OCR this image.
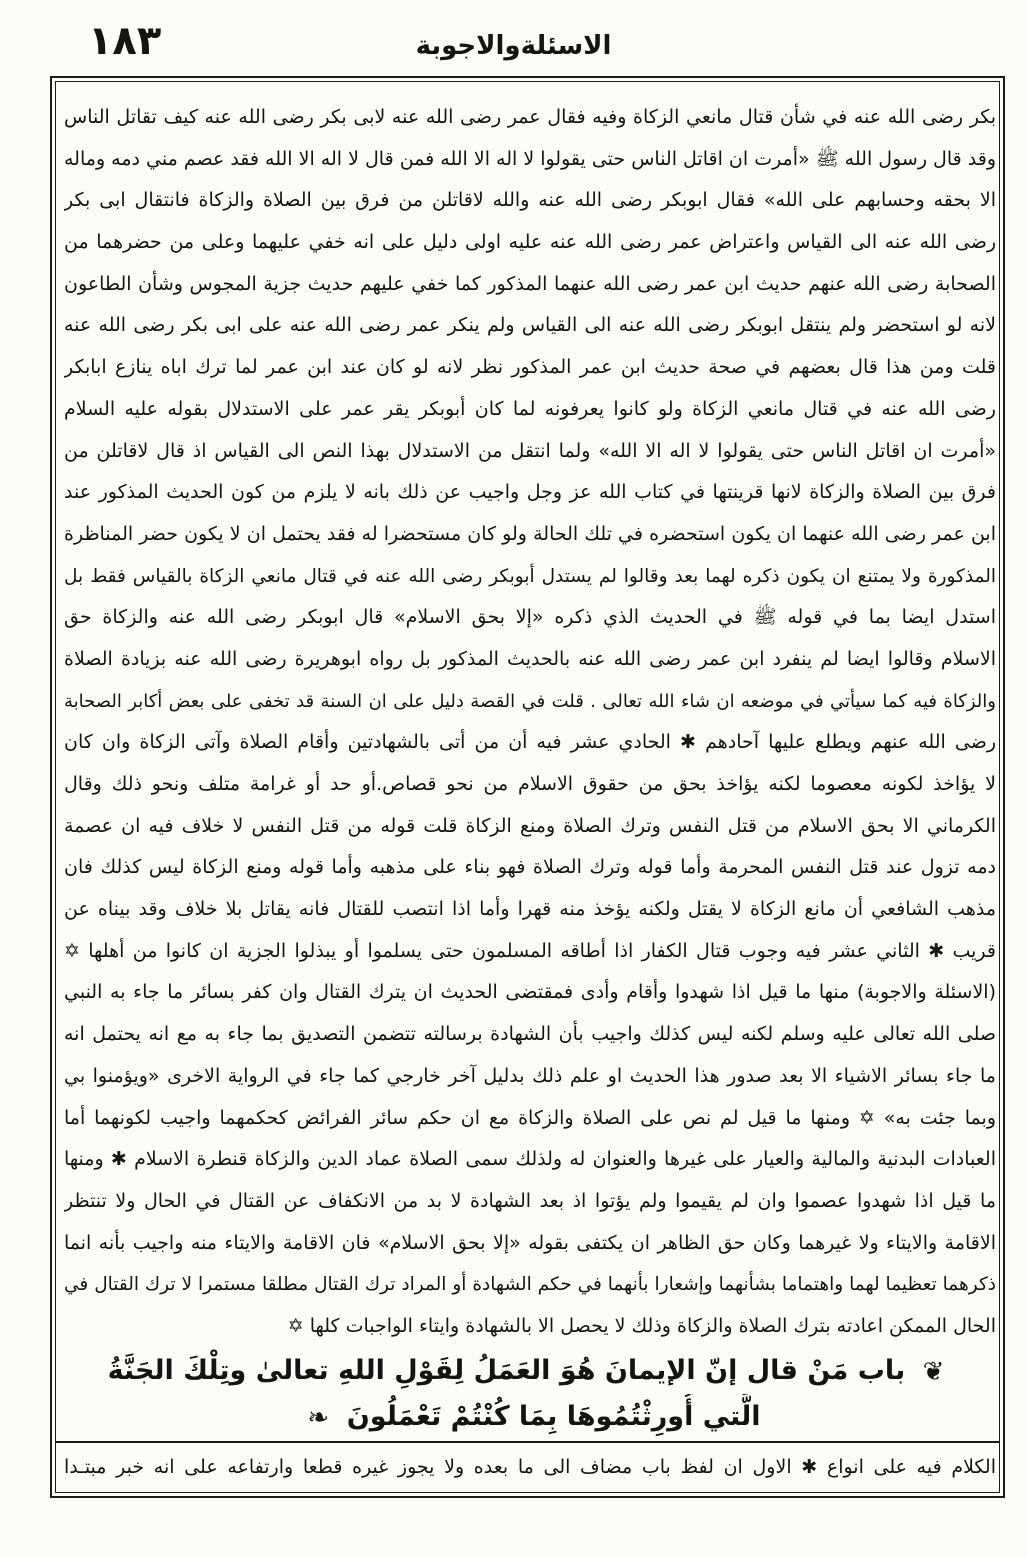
١٨٣	الاسئلةوالاجوبة
بكر رضى الله عنه في شأن قتال مانعي الزكاة وفيه فقال عمر رضى الله عنه لابى بكر رضى الله عنه كيف تقاتل الناس
وقد قال رسول الله ﷺ «أمرت ان اقاتل الناس حتى يقولوا لا اله الا الله فمن قال لا اله الا الله فقد عصم مني دمه وماله
الا بحقه وحسابهم على الله» فقال ابوبكر رضى الله عنه والله لاقاتلن من فرق بين الصلاة والزكاة فانتقال ابى بكر
رضى الله عنه الى القياس واعتراض عمر رضى الله عنه عليه اولى دليل على انه خفي عليهما وعلى من حضرهما من
الصحابة رضى الله عنهم حديث ابن عمر رضى الله عنهما المذكور كما خفي عليهم حديث جزية المجوس وشأن الطاعون
لانه لو استحضر ولم ينتقل ابوبكر رضى الله عنه الى القياس ولم ينكر عمر رضى الله عنه على ابى بكر رضى الله عنه
قلت ومن هذا قال بعضهم في صحة حديث ابن عمر المذكور نظر لانه لو كان عند ابن عمر لما ترك اباه ينازع ابابكر
رضى الله عنه في قتال مانعي الزكاة ولو كانوا يعرفونه لما كان أبوبكر يقر عمر على الاستدلال بقوله عليه السلام
«أمرت ان اقاتل الناس حتى يقولوا لا اله الا الله» ولما انتقل من الاستدلال بهذا النص الى القياس اذ قال لاقاتلن من
فرق بين الصلاة والزكاة لانها قرينتها في كتاب الله عز وجل واجيب عن ذلك بانه لا يلزم من كون الحديث المذكور عند
ابن عمر رضى الله عنهما ان يكون استحضره في تلك الحالة ولو كان مستحضرا له فقد يحتمل ان لا يكون حضر المناظرة
المذكورة ولا يمتنع ان يكون ذكره لهما بعد وقالوا لم يستدل أبوبكر رضى الله عنه في قتال مانعي الزكاة بالقياس فقط بل
استدل ايضا بما في قوله ﷺ في الحديث الذي ذكره «إلا بحق الاسلام» قال ابوبكر رضى الله عنه والزكاة حق
الاسلام وقالوا ايضا لم ينفرد ابن عمر رضى الله عنه بالحديث المذكور بل رواه ابوهريرة رضى الله عنه بزيادة الصلاة
والزكاة فيه كما سيأتي في موضعه ان شاء الله تعالى . قلت في القصة دليل على ان السنة قد تخفى على بعض أكابر الصحابة
رضى الله عنهم ويطلع عليها آحادهم ✱ الحادي عشر فيه أن من أتى بالشهادتين وأقام الصلاة وآتى الزكاة وان كان
لا يؤاخذ لكونه معصوما لكنه يؤاخذ بحق من حقوق الاسلام من نحو قصاص.أو حد أو غرامة متلف ونحو ذلك وقال
الكرماني الا بحق الاسلام من قتل النفس وترك الصلاة ومنع الزكاة قلت قوله من قتل النفس لا خلاف فيه ان عصمة
دمه تزول عند قتل النفس المحرمة وأما قوله وترك الصلاة فهو بناء على مذهبه وأما قوله ومنع الزكاة ليس كذلك فان
مذهب الشافعي أن مانع الزكاة لا يقتل ولكنه يؤخذ منه قهرا وأما اذا انتصب للقتال فانه يقاتل بلا خلاف وقد بيناه عن
قريب ✱ الثاني عشر فيه وجوب قتال الكفار اذا أطاقه المسلمون حتى يسلموا أو يبذلوا الجزية ان كانوا من أهلها ✡
(الاسئلة والاجوبة) منها ما قيل اذا شهدوا وأقام وأدى فمقتضى الحديث ان يترك القتال وان كفر بسائر ما جاء به النبي
صلى الله تعالى عليه وسلم لكنه ليس كذلك واجيب بأن الشهادة برسالته تتضمن التصديق بما جاء به مع انه يحتمل انه
ما جاء بسائر الاشياء الا بعد صدور هذا الحديث او علم ذلك بدليل آخر خارجي كما جاء في الرواية الاخرى «ويؤمنوا بي
وبما جئت به» ✡ ومنها ما قيل لم نص على الصلاة والزكاة مع ان حكم سائر الفرائض كحكمهما واجيب لكونهما أما
العبادات البدنية والمالية والعيار على غيرها والعنوان له ولذلك سمى الصلاة عماد الدين والزكاة قنطرة الاسلام ✱ ومنها
ما قيل اذا شهدوا عصموا وان لم يقيموا ولم يؤتوا اذ بعد الشهادة لا بد من الانكفاف عن القتال في الحال ولا تنتظر
الاقامة والايتاء ولا غيرهما وكان حق الظاهر ان يكتفى بقوله «إلا بحق الاسلام» فان الاقامة والايتاء منه واجيب بأنه انما
ذكرهما تعظيما لهما واهتماما بشأنهما وإشعارا بأنهما في حكم الشهادة أو المراد ترك القتال مطلقا مستمرا لا ترك القتال في
الحال الممكن اعادته بترك الصلاة والزكاة وذلك لا يحصل الا بالشهادة وايتاء الواجبات كلها ✡
❦ باب مَنْ قال إنّ الإيمانَ هُوَ العَمَلُ لِقَوْلِ اللهِ تعالىٰ وتِلْكَ الجَنَّةُ
الَّتي أُورِثْتُمُوهَا بِمَا كُنْتُمْ تَعْمَلُونَ ❧
الكلام فيه على انواع ✱ الاول ان لفظ باب مضاف الى ما بعده ولا يجوز غيره قطعا وارتفاعه على انه خبر مبتـدا
